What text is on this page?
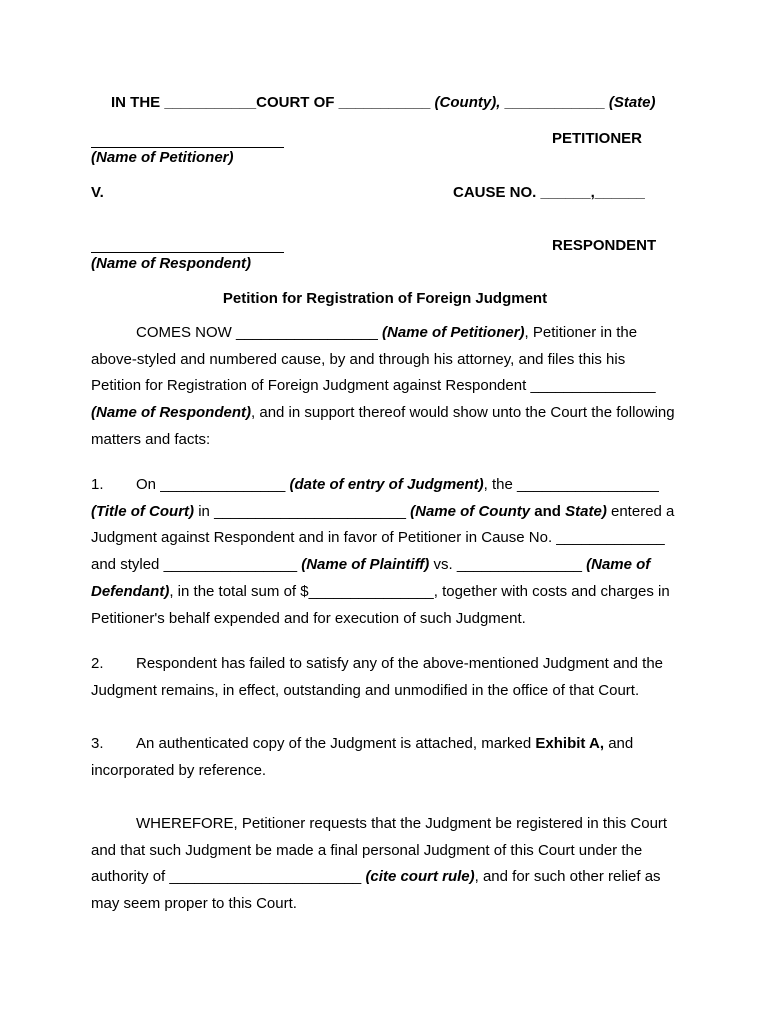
IN THE ___________COURT OF ___________ (County), ____________ (State)
PETITIONER
(Name of Petitioner)
V.	CAUSE NO. ______,______
RESPONDENT
(Name of Respondent)
Petition for Registration of Foreign Judgment
COMES NOW _________________ (Name of Petitioner), Petitioner in the
above-styled and numbered cause, by and through his attorney, and files this his
Petition for Registration of Foreign Judgment against Respondent _______________
(Name of Respondent), and in support thereof would show unto the Court the following
matters and facts:
1. On _______________ (date of entry of Judgment), the _________________
(Title of Court) in _______________________ (Name of County and State) entered a
Judgment against Respondent and in favor of Petitioner in Cause No. _____________
and styled ________________ (Name of Plaintiff) vs. _______________ (Name of
Defendant), in the total sum of $_______________, together with costs and charges in
Petitioner's behalf expended and for execution of such Judgment.
2. Respondent has failed to satisfy any of the above-mentioned Judgment and the
Judgment remains, in effect, outstanding and unmodified in the office of that Court.
3. An authenticated copy of the Judgment is attached, marked Exhibit A, and
incorporated by reference.
WHEREFORE, Petitioner requests that the Judgment be registered in this Court
and that such Judgment be made a final personal Judgment of this Court under the
authority of _______________________ (cite court rule), and for such other relief as
may seem proper to this Court.
